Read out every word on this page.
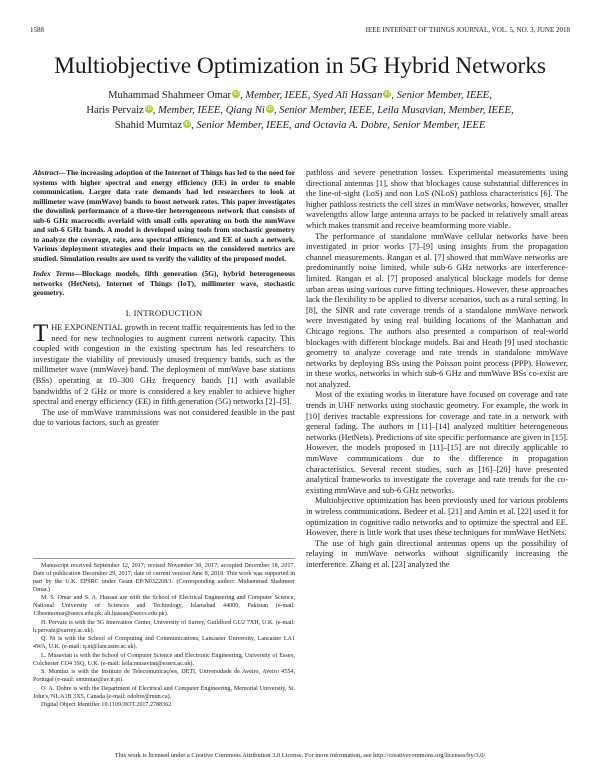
1588	IEEE INTERNET OF THINGS JOURNAL, VOL. 5, NO. 3, JUNE 2018
Multiobjective Optimization in 5G Hybrid Networks
Muhammad Shahmeer Omar iD, Member, IEEE, Syed Ali Hassan iD, Senior Member, IEEE,
Haris Pervaiz iD, Member, IEEE, Qiang Ni iD, Senior Member, IEEE, Leila Musavian, Member, IEEE,
Shahid Mumtaz iD, Senior Member, IEEE, and Octavia A. Dobre, Senior Member, IEEE

Abstract—The increasing adoption of the Internet of Things has led to the need for systems with higher spectral and energy efficiency (EE) in order to enable communication. Larger data rate demands had led researchers to look at millimeter wave (mmWave) bands to boost network rates. This paper investigates the downlink performance of a three-tier heterogeneous network that consists of sub-6 GHz macrocells overlaid with small cells operating on both the mmWave and sub-6 GHz bands. A model is developed using tools from stochastic geometry to analyze the coverage, rate, area spectral efficiency, and EE of such a network. Various deployment strategies and their impacts on the considered metrics are studied. Simulation results are used to verify the validity of the proposed model.

Index Terms—Blockage models, fifth generation (5G), hybrid heterogeneous networks (HetNets), Internet of Things (IoT), millimeter wave, stochastic geometry.

I. INTRODUCTION

THE EXPONENTIAL growth in recent traffic requirements has led to the need for new technologies to augment current network capacity. This coupled with congestion in the existing spectrum has led researchers to investigate the viability of previously unused frequency bands, such as the millimeter wave (mmWave) band. The deployment of mmWave base stations (BSs) operating at 10–300 GHz frequency bands [1] with available bandwidths of 2 GHz or more is considered a key enabler to achieve higher spectral and energy efficiency (EE) in fifth generation (5G) networks [2]–[5].

The use of mmWave transmissions was not considered feasible in the past due to various factors, such as greater

Manuscript received September 12, 2017; revised November 30, 2017; accepted December 18, 2017. Date of publication December 29, 2017; date of current version June 8, 2018. This work was supported in part by the U.K. EPSRC under Grant EP/N032268/1. (Corresponding author: Muhammad Shahmeer Omar.)

M. S. Omar and S. A. Hassan are with the School of Electrical Engineering and Computer Science, National University of Sciences and Technology, Islamabad 44000, Pakistan (e-mail: 13beemomar@seecs.edu.pk; ali.hassan@seecs.edu.pk).

H. Pervaiz is with the 5G Innovation Center, University of Surrey, Guildford GU2 7XH, U.K. (e-mail: h.pervaiz@surrey.ac.uk).

Q. Ni is with the School of Computing and Communications, Lancaster University, Lancaster LA1 4WA, U.K. (e-mail: q.ni@lancaster.ac.uk).

L. Musavian is with the School of Computer Science and Electronic Engineering, University of Essex, Colchester CO4 3SQ, U.K. (e-mail: leila.musavian@essex.ac.uk).

S. Mumtaz is with the Instituto de Telecomunicações, DETI, Universidade de Aveiro, Aveiro 4554, Portugal (e-mail: smumtaz@av.it.pt).

O. A. Dobre is with the Department of Electrical and Computer Engineering, Memorial University, St. John's, NL A1B 3X5, Canada (e-mail: odobre@mun.ca).

Digital Object Identifier 10.1109/JIOT.2017.2788362

pathloss and severe penetration losses. Experimental measurements using directional antennas [1], show that blockages cause substantial differences in the line-of-sight (LoS) and non LoS (NLoS) pathloss characteristics [6]. The higher pathloss restricts the cell sizes in mmWave networks, however, smaller wavelengths allow large antenna arrays to be packed in relatively small areas which makes transmit and receive beamforming more viable.

The performance of standalone mmWave cellular networks have been investigated in prior works [7]–[9] using insights from the propagation channel measurements. Rangan et al. [7] showed that mmWave networks are predominantly noise limited, while sub-6 GHz networks are interference-limited. Rangan et al. [7] proposed analytical blockage models for dense urban areas using various curve fitting techniques. However, these approaches lack the flexibility to be applied to diverse scenarios, such as a rural setting. In [8], the SINR and rate coverage trends of a standalone mmWave network were investigated by using real building locations of the Manhattan and Chicago regions. The authors also presented a comparison of real-world blockages with different blockage models. Bai and Heath [9] used stochastic geometry to analyze coverage and rate trends in standalone mmWave networks by deploying BSs using the Poisson point process (PPP). However, in these works, networks in which sub-6 GHz and mmWave BSs co-exist are not analyzed.

Most of the existing works in literature have focused on coverage and rate trends in UHF networks using stochastic geometry. For example, the work in [10] derives tractable expressions for coverage and rate in a network with general fading. The authors in [11]–[14] analyzed multitier heterogeneous networks (HetNets). Predictions of site specific performance are given in [15]. However, the models proposed in [11]–[15] are not directly applicable to mmWave communications due to the difference in propagation characteristics. Several recent studies, such as [16]–[20] have presented analytical frameworks to investigate the coverage and rate trends for the co-existing mmWave and sub-6 GHz networks.

Multiobjective optimization has been previously used for various problems in wireless communications. Bedeer et al. [21] and Amin et al. [22] used it for optimization in cognitive radio networks and to optimize the spectral and EE. However, there is little work that uses these techniques for mmWave HetNets.

The use of high gain directional antennas opens up the possibility of relaying in mmWave networks without significantly increasing the interference. Zhang et al. [23] analyzed the

This work is licensed under a Creative Commons Attribution 3.0 License. For more information, see http://creativecommons.org/licenses/by/3.0/
